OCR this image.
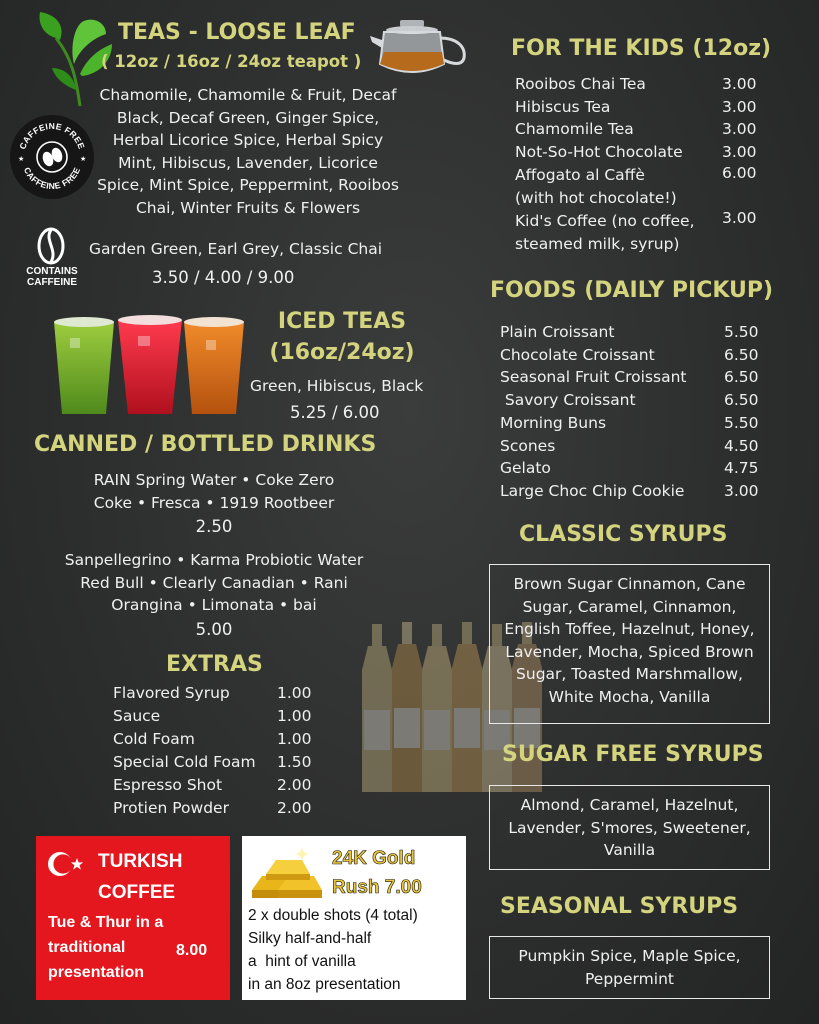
TEAS - LOOSE LEAF
( 12oz / 16oz / 24oz teapot )
CAFFEINE FREE
CAFFEINE FREE
★	★
Chamomile, Chamomile & Fruit, Decaf
Black, Decaf Green, Ginger Spice,
Herbal Licorice Spice, Herbal Spicy
Mint, Hibiscus, Lavender, Licorice
Spice, Mint Spice, Peppermint, Rooibos
Chai, Winter Fruits & Flowers
CONTAINS
CAFFEINE
Garden Green, Earl Grey, Classic Chai
3.50 / 4.00 / 9.00
ICED TEAS
(16oz/24oz)
Green, Hibiscus, Black
5.25 / 6.00
CANNED / BOTTLED DRINKS
RAIN Spring Water • Coke Zero
Coke • Fresca • 1919 Rootbeer
2.50
Sanpellegrino • Karma Probiotic Water
Red Bull • Clearly Canadian • Rani
Orangina • Limonata • bai
5.00
EXTRAS
Flavored Syrup	1.00
Sauce	1.00
Cold Foam	1.00
Special Cold Foam 1.50
Espresso Shot	2.00
Protien Powder	2.00
TURKISH
COFFEE
Tue & Thur in a
traditional
presentation
8.00
24K Gold
Rush 7.00
2 x double shots (4 total)
Silky half-and-half
a  hint of vanilla
in an 8oz presentation
FOR THE KIDS (12oz)
Rooibos Chai Tea	3.00
Hibiscus Tea	3.00
Chamomile Tea	3.00
Not-So-Hot Chocolate	3.00
Affogato al Caffè
(with hot chocolate!)
6.00
Kid's Coffee (no coffee,
steamed milk, syrup)
3.00
FOODS (DAILY PICKUP)
Plain Croissant	5.50
Chocolate Croissant	6.50
Seasonal Fruit Croissant 6.50
Savory Croissant	6.50
Morning Buns	5.50
Scones	4.50
Gelato	4.75
Large Choc Chip Cookie	3.00
CLASSIC SYRUPS
Brown Sugar Cinnamon, Cane
Sugar, Caramel, Cinnamon,
English Toffee, Hazelnut, Honey,
Lavender, Mocha, Spiced Brown
Sugar, Toasted Marshmallow,
White Mocha, Vanilla
SUGAR FREE SYRUPS
Almond, Caramel, Hazelnut,
Lavender, S'mores, Sweetener,
Vanilla
SEASONAL SYRUPS
Pumpkin Spice, Maple Spice,
Peppermint
